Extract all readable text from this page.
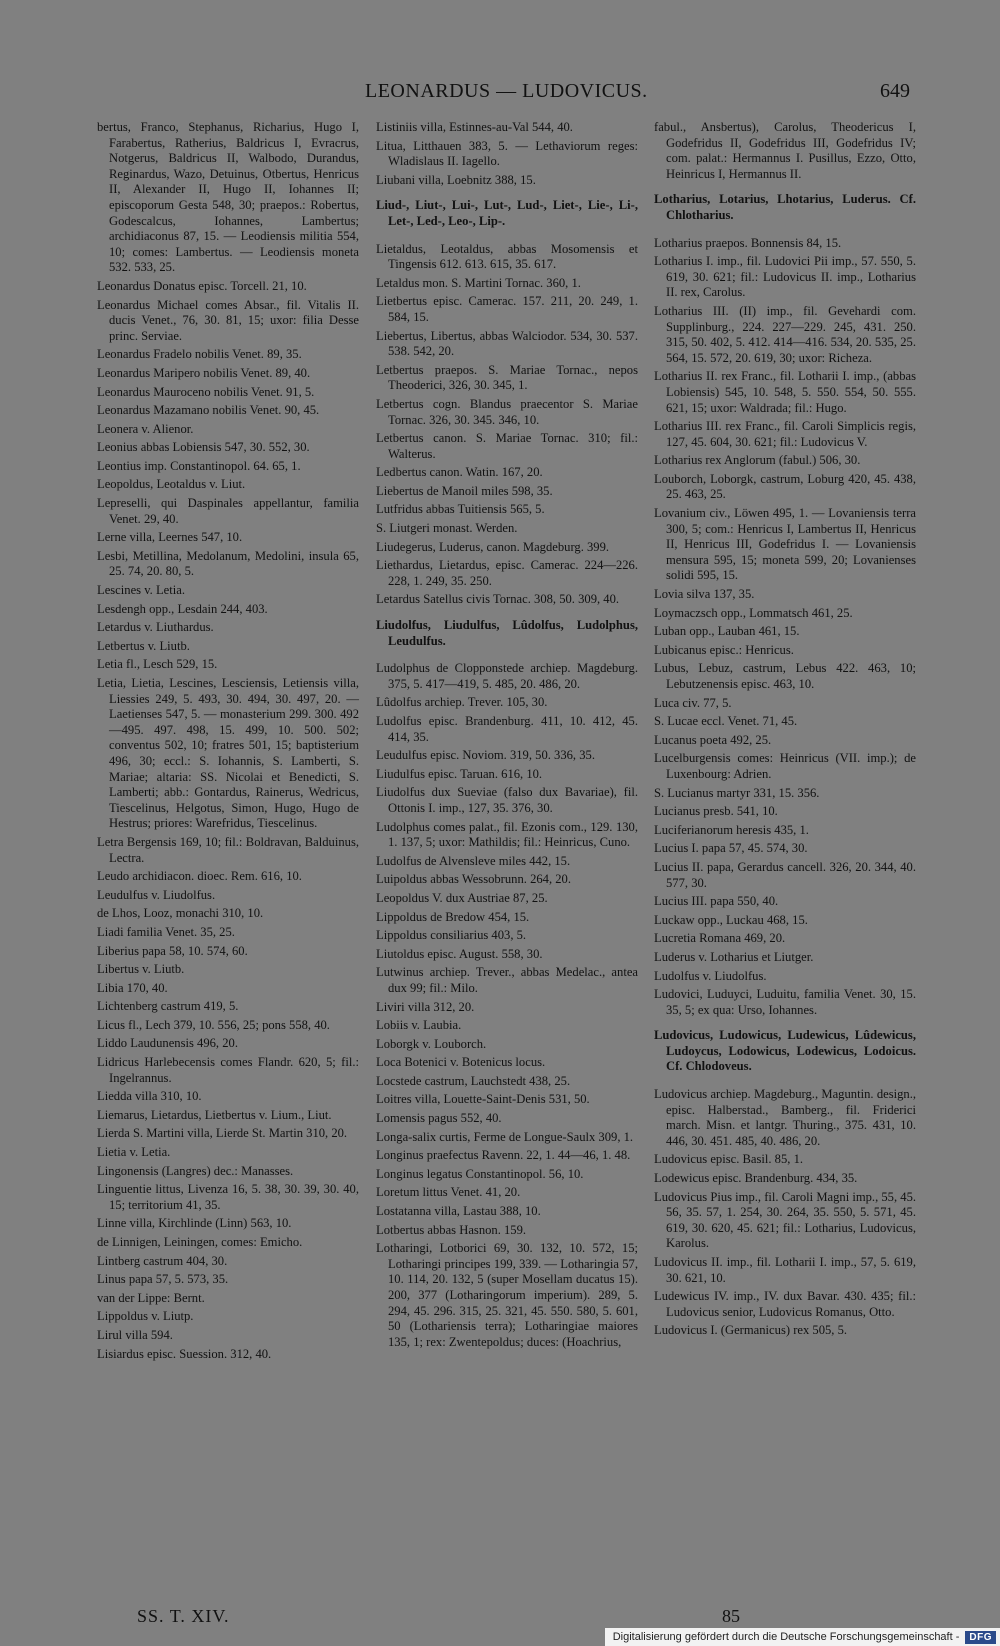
LEONARDUS — LUDOVICUS.	649

bertus, Franco, Stephanus, Richarius, Hugo I, Farabertus, Ratherius, Baldricus I, Evracrus, Notgerus, Baldricus II, Walbodo, Durandus, Reginardus, Wazo, Detuinus, Otbertus, Henricus II, Alexander II, Hugo II, Iohannes II; episcoporum Gesta 548, 30; praepos.: Robertus, Godescalcus, Iohannes, Lambertus; archidiaconus 87, 15. — Leodiensis militia 554, 10; comes: Lambertus. — Leodiensis moneta 532. 533, 25.

Leonardus Donatus episc. Torcell. 21, 10.

Leonardus Michael comes Absar., fil. Vitalis II. ducis Venet., 76, 30. 81, 15; uxor: filia Desse princ. Serviae.

Leonardus Fradelo nobilis Venet. 89, 35.

Leonardus Maripero nobilis Venet. 89, 40.

Leonardus Mauroceno nobilis Venet. 91, 5.

Leonardus Mazamano nobilis Venet. 90, 45.

Leonera v. Alienor.

Leonius abbas Lobiensis 547, 30. 552, 30.

Leontius imp. Constantinopol. 64. 65, 1.

Leopoldus, Leotaldus v. Liut.

Lepreselli, qui Daspinales appellantur, familia Venet. 29, 40.

Lerne villa, Leernes 547, 10.

Lesbi, Metillina, Medolanum, Medolini, insula 65, 25. 74, 20. 80, 5.

Lescines v. Letia.

Lesdengh opp., Lesdain 244, 403.

Letardus v. Liuthardus.

Letbertus v. Liutb.

Letia fl., Lesch 529, 15.

Letia, Lietia, Lescines, Lesciensis, Letiensis villa, Liessies 249, 5. 493, 30. 494, 30. 497, 20. — Laetienses 547, 5. — monasterium 299. 300. 492—495. 497. 498, 15. 499, 10. 500. 502; conventus 502, 10; fratres 501, 15; baptisterium 496, 30; eccl.: S. Iohannis, S. Lamberti, S. Mariae; altaria: SS. Nicolai et Benedicti, S. Lamberti; abb.: Gontardus, Rainerus, Wedricus, Tiescelinus, Helgotus, Simon, Hugo, Hugo de Hestrus; priores: Warefridus, Tiescelinus.

Letra Bergensis 169, 10; fil.: Boldravan, Balduinus, Lectra.

Leudo archidiacon. dioec. Rem. 616, 10.

Leudulfus v. Liudolfus.

de Lhos, Looz, monachi 310, 10.

Liadi familia Venet. 35, 25.

Liberius papa 58, 10. 574, 60.

Libertus v. Liutb.

Libia 170, 40.

Lichtenberg castrum 419, 5.

Licus fl., Lech 379, 10. 556, 25; pons 558, 40.

Liddo Laudunensis 496, 20.

Lidricus Harlebecensis comes Flandr. 620, 5; fil.: Ingelrannus.

Liedda villa 310, 10.

Liemarus, Lietardus, Lietbertus v. Lium., Liut.

Lierda S. Martini villa, Lierde St. Martin 310, 20.

Lietia v. Letia.

Lingonensis (Langres) dec.: Manasses.

Linguentie littus, Livenza 16, 5. 38, 30. 39, 30. 40, 15; territorium 41, 35.

Linne villa, Kirchlinde (Linn) 563, 10.

de Linnigen, Leiningen, comes: Emicho.

Lintberg castrum 404, 30.

Linus papa 57, 5. 573, 35.

van der Lippe: Bernt.

Lippoldus v. Liutp.

Lirul villa 594.

Lisiardus episc. Suession. 312, 40.

Listiniis villa, Estinnes-au-Val 544, 40.

Litua, Litthauen 383, 5. — Lethaviorum reges: Wladislaus II. Iagello.

Liubani villa, Loebnitz 388, 15.

Liud-, Liut-, Lui-, Lut-, Lud-, Liet-, Lie-, Li-, Let-, Led-, Leo-, Lip-.

Lietaldus, Leotaldus, abbas Mosomensis et Tingensis 612. 613. 615, 35. 617.

Letaldus mon. S. Martini Tornac. 360, 1.

Lietbertus episc. Camerac. 157. 211, 20. 249, 1. 584, 15.

Liebertus, Libertus, abbas Walciodor. 534, 30. 537. 538. 542, 20.

Letbertus praepos. S. Mariae Tornac., nepos Theoderici, 326, 30. 345, 1.

Letbertus cogn. Blandus praecentor S. Mariae Tornac. 326, 30. 345. 346, 10.

Letbertus canon. S. Mariae Tornac. 310; fil.: Walterus.

Ledbertus canon. Watin. 167, 20.

Liebertus de Manoil miles 598, 35.

Lutfridus abbas Tuitiensis 565, 5.

S. Liutgeri monast. Werden.

Liudegerus, Luderus, canon. Magdeburg. 399.

Liethardus, Lietardus, episc. Camerac. 224—226. 228, 1. 249, 35. 250.

Letardus Satellus civis Tornac. 308, 50. 309, 40.

Liudolfus, Liudulfus, Lûdolfus, Ludolphus, Leudulfus.

Ludolphus de Clopponstede archiep. Magdeburg. 375, 5. 417—419, 5. 485, 20. 486, 20.

Lûdolfus archiep. Trever. 105, 30.

Ludolfus episc. Brandenburg. 411, 10. 412, 45. 414, 35.

Leudulfus episc. Noviom. 319, 50. 336, 35.

Liudulfus episc. Taruan. 616, 10.

Liudolfus dux Sueviae (falso dux Bavariae), fil. Ottonis I. imp., 127, 35. 376, 30.

Ludolphus comes palat., fil. Ezonis com., 129. 130, 1. 137, 5; uxor: Mathildis; fil.: Heinricus, Cuno.

Ludolfus de Alvensleve miles 442, 15.

Luipoldus abbas Wessobrunn. 264, 20.

Leopoldus V. dux Austriae 87, 25.

Lippoldus de Bredow 454, 15.

Lippoldus consiliarius 403, 5.

Liutoldus episc. August. 558, 30.

Lutwinus archiep. Trever., abbas Medelac., antea dux 99; fil.: Milo.

Liviri villa 312, 20.

Lobiis v. Laubia.

Loborgk v. Louborch.

Loca Botenici v. Botenicus locus.

Locstede castrum, Lauchstedt 438, 25.

Loitres villa, Louette-Saint-Denis 531, 50.

Lomensis pagus 552, 40.

Longa-salix curtis, Ferme de Longue-Saulx 309, 1.

Longinus praefectus Ravenn. 22, 1. 44—46, 1. 48.

Longinus legatus Constantinopol. 56, 10.

Loretum littus Venet. 41, 20.

Lostatanna villa, Lastau 388, 10.

Lotbertus abbas Hasnon. 159.

Lotharingi, Lotborici 69, 30. 132, 10. 572, 15; Lotharingi principes 199, 339. — Lotharingia 57, 10. 114, 20. 132, 5 (super Mosellam ducatus 15). 200, 377 (Lotharingorum imperium). 289, 5. 294, 45. 296. 315, 25. 321, 45. 550. 580, 5. 601, 50 (Lothariensis terra); Lotharingiae maiores 135, 1; rex: Zwentepoldus; duces: (Hoachrius,

fabul., Ansbertus), Carolus, Theodericus I, Godefridus II, Godefridus III, Godefridus IV; com. palat.: Hermannus I. Pusillus, Ezzo, Otto, Heinricus I, Hermannus II.

Lotharius, Lotarius, Lhotarius, Luderus. Cf. Chlotharius.

Lotharius praepos. Bonnensis 84, 15.

Lotharius I. imp., fil. Ludovici Pii imp., 57. 550, 5. 619, 30. 621; fil.: Ludovicus II. imp., Lotharius II. rex, Carolus.

Lotharius III. (II) imp., fil. Gevehardi com. Supplinburg., 224. 227—229. 245, 431. 250. 315, 50. 402, 5. 412. 414—416. 534, 20. 535, 25. 564, 15. 572, 20. 619, 30; uxor: Richeza.

Lotharius II. rex Franc., fil. Lotharii I. imp., (abbas Lobiensis) 545, 10. 548, 5. 550. 554, 50. 555. 621, 15; uxor: Waldrada; fil.: Hugo.

Lotharius III. rex Franc., fil. Caroli Simplicis regis, 127, 45. 604, 30. 621; fil.: Ludovicus V.

Lotharius rex Anglorum (fabul.) 506, 30.

Louborch, Loborgk, castrum, Loburg 420, 45. 438, 25. 463, 25.

Lovanium civ., Löwen 495, 1. — Lovaniensis terra 300, 5; com.: Henricus I, Lambertus II, Henricus II, Henricus III, Godefridus I. — Lovaniensis mensura 595, 15; moneta 599, 20; Lovanienses solidi 595, 15.

Lovia silva 137, 35.

Loymaczsch opp., Lommatsch 461, 25.

Luban opp., Lauban 461, 15.

Lubicanus episc.: Henricus.

Lubus, Lebuz, castrum, Lebus 422. 463, 10; Lebutzenensis episc. 463, 10.

Luca civ. 77, 5.

S. Lucae eccl. Venet. 71, 45.

Lucanus poeta 492, 25.

Lucelburgensis comes: Heinricus (VII. imp.); de Luxenbourg: Adrien.

S. Lucianus martyr 331, 15. 356.

Lucianus presb. 541, 10.

Luciferianorum heresis 435, 1.

Lucius I. papa 57, 45. 574, 30.

Lucius II. papa, Gerardus cancell. 326, 20. 344, 40. 577, 30.

Lucius III. papa 550, 40.

Luckaw opp., Luckau 468, 15.

Lucretia Romana 469, 20.

Luderus v. Lotharius et Liutger.

Ludolfus v. Liudolfus.

Ludovici, Luduyci, Luduitu, familia Venet. 30, 15. 35, 5; ex qua: Urso, Iohannes.

Ludovicus, Ludowicus, Ludewicus, Lûdewicus, Ludoycus, Lodowicus, Lodewicus, Lodoicus. Cf. Chlodoveus.

Ludovicus archiep. Magdeburg., Maguntin. design., episc. Halberstad., Bamberg., fil. Friderici march. Misn. et lantgr. Thuring., 375. 431, 10. 446, 30. 451. 485, 40. 486, 20.

Ludovicus episc. Basil. 85, 1.

Lodewicus episc. Brandenburg. 434, 35.

Ludovicus Pius imp., fil. Caroli Magni imp., 55, 45. 56, 35. 57, 1. 254, 30. 264, 35. 550, 5. 571, 45. 619, 30. 620, 45. 621; fil.: Lotharius, Ludovicus, Karolus.

Ludovicus II. imp., fil. Lotharii I. imp., 57, 5. 619, 30. 621, 10.

Ludewicus IV. imp., IV. dux Bavar. 430. 435; fil.: Ludovicus senior, Ludovicus Romanus, Otto.

Ludovicus I. (Germanicus) rex 505, 5.

SS. T. XIV.	85
Digitalisierung gefördert durch die Deutsche Forschungsgemeinschaft -	DFG
